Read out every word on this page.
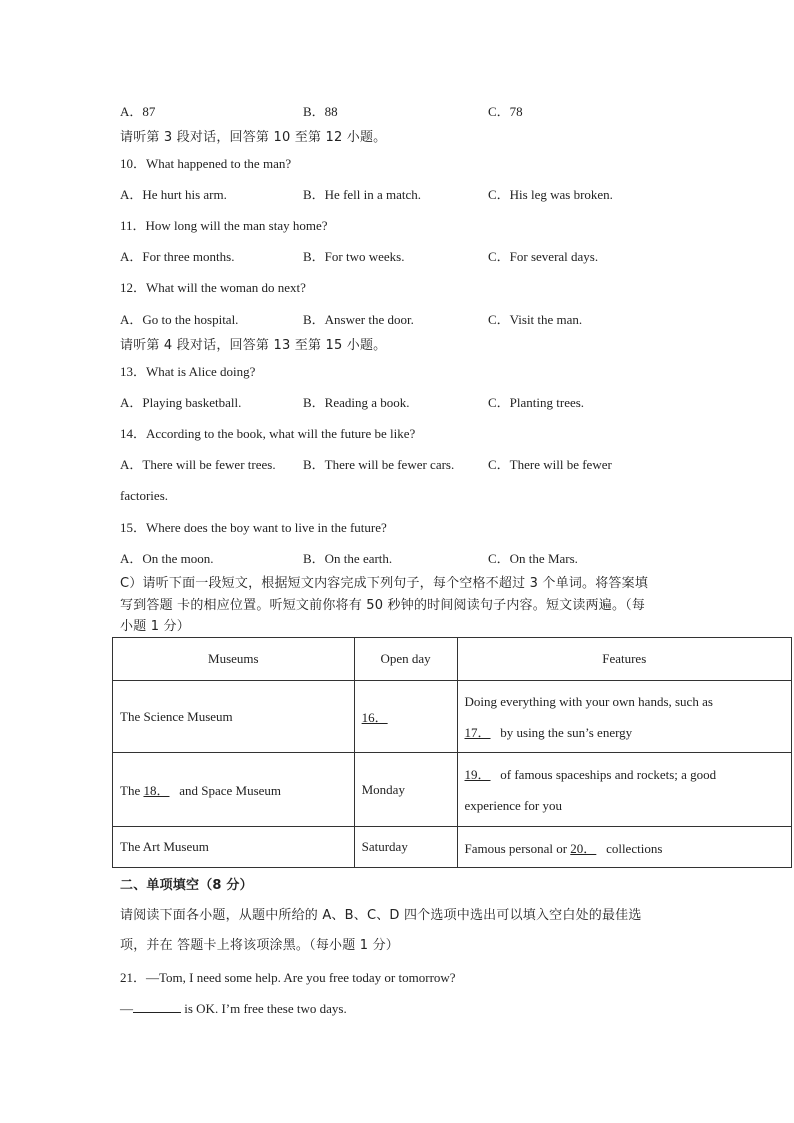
A．87	B．88	C．78
请听第 3 段对话，回答第 10 至第 12 小题。
10．What happened to the man?
A．He hurt his arm.	B．He fell in a match.	C．His leg was broken.
11．How long will the man stay home?
A．For three months.	B．For two weeks.	C．For several days.
12．What will the woman do next?
A．Go to the hospital.	B．Answer the door.	C．Visit the man.
请听第 4 段对话，回答第 13 至第 15 小题。
13．What is Alice doing?
A．Playing basketball.	B．Reading a book.	C．Planting trees.
14．According to the book, what will the future be like?
A．There will be fewer trees. B．There will be fewer cars.	C．There will be fewer
factories.
15．Where does the boy want to live in the future?
A．On the moon.	B．On the earth.	C．On the Mars.
C）请听下面一段短文，根据短文内容完成下列句子，每个空格不超过 3 个单词。将答案填
写到答题 卡的相应位置。听短文前你将有 50 秒钟的时间阅读句子内容。短文读两遍。（每
小题 1 分）
Museums	Open day	Features
The Science Museum	16．	Doing everything with your own hands, such as
17． by using the sun’s energy

The 18． and Space Museum	Monday	19． of famous spaceships and rockets; a good
experience for you

The Art Museum	Saturday	Famous personal or 20． collections
二、单项填空（8 分）
请阅读下面各小题，从题中所给的 A、B、C、D 四个选项中选出可以填入空白处的最佳选
项，并在 答题卡上将该项涂黑。（每小题 1 分）
21．—Tom, I need some help. Are you free today or tomorrow?
—	is OK. I’m free these two days.
